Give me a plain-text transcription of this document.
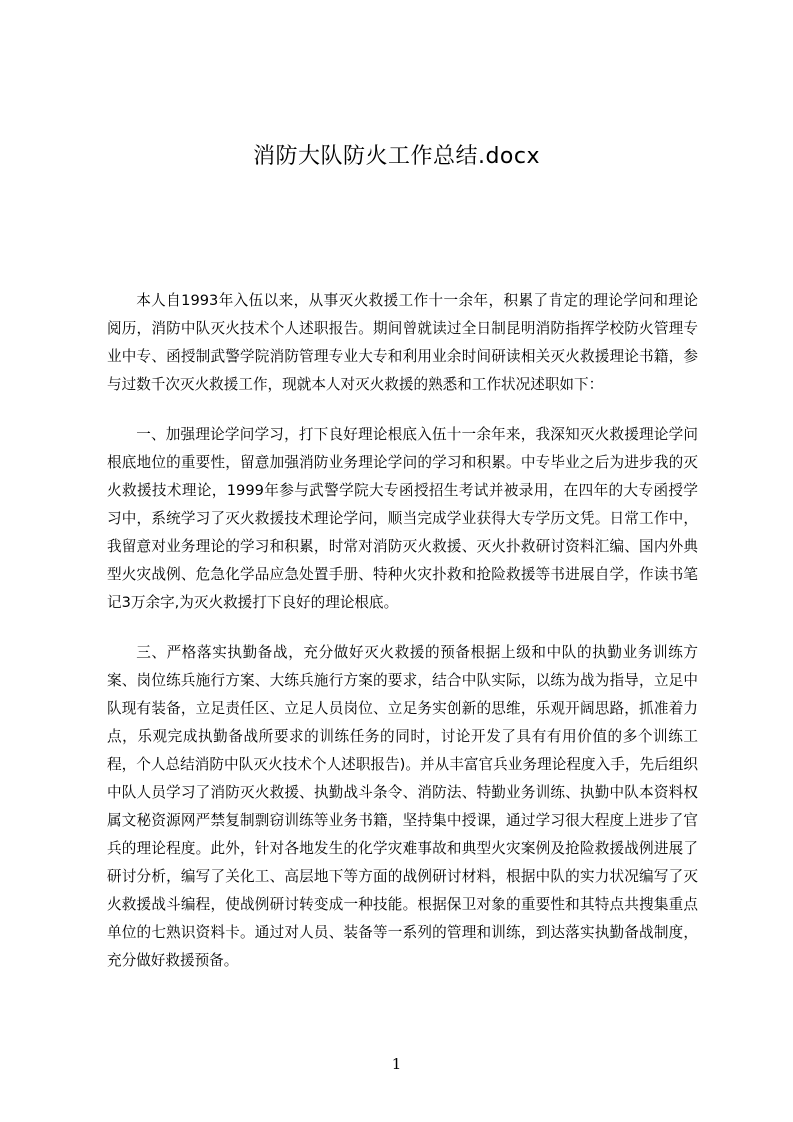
消防大队防火工作总结.docx

本人自1993年入伍以来，从事灭火救援工作十一余年，积累了肯定的理论学问和理论阅历，消防中队灭火技术个人述职报告。期间曾就读过全日制昆明消防指挥学校防火管理专业中专、函授制武警学院消防管理专业大专和利用业余时间研读相关灭火救援理论书籍，参与过数千次灭火救援工作，现就本人对灭火救援的熟悉和工作状况述职如下：

一、加强理论学问学习，打下良好理论根底入伍十一余年来，我深知灭火救援理论学问根底地位的重要性，留意加强消防业务理论学问的学习和积累。中专毕业之后为进步我的灭火救援技术理论，1999年参与武警学院大专函授招生考试并被录用，在四年的大专函授学习中，系统学习了灭火救援技术理论学问，顺当完成学业获得大专学历文凭。日常工作中，我留意对业务理论的学习和积累，时常对消防灭火救援、灭火扑救研讨资料汇编、国内外典型火灾战例、危急化学品应急处置手册、特种火灾扑救和抢险救援等书进展自学，作读书笔记3万余字,为灭火救援打下良好的理论根底。

三、严格落实执勤备战，充分做好灭火救援的预备根据上级和中队的执勤业务训练方案、岗位练兵施行方案、大练兵施行方案的要求，结合中队实际，以练为战为指导，立足中队现有装备，立足责任区、立足人员岗位、立足务实创新的思维，乐观开阔思路，抓准着力点，乐观完成执勤备战所要求的训练任务的同时，讨论开发了具有有用价值的多个训练工程，个人总结消防中队灭火技术个人述职报告)。并从丰富官兵业务理论程度入手，先后组织中队人员学习了消防灭火救援、执勤战斗条令、消防法、特勤业务训练、执勤中队本资料权属文秘资源网严禁复制剽窃训练等业务书籍，坚持集中授课，通过学习很大程度上进步了官兵的理论程度。此外，针对各地发生的化学灾难事故和典型火灾案例及抢险救援战例进展了研讨分析，编写了关化工、高层地下等方面的战例研讨材料，根据中队的实力状况编写了灭火救援战斗编程，使战例研讨转变成一种技能。根据保卫对象的重要性和其特点共搜集重点单位的七熟识资料卡。通过对人员、装备等一系列的管理和训练，到达落实执勤备战制度，充分做好救援预备。

1
